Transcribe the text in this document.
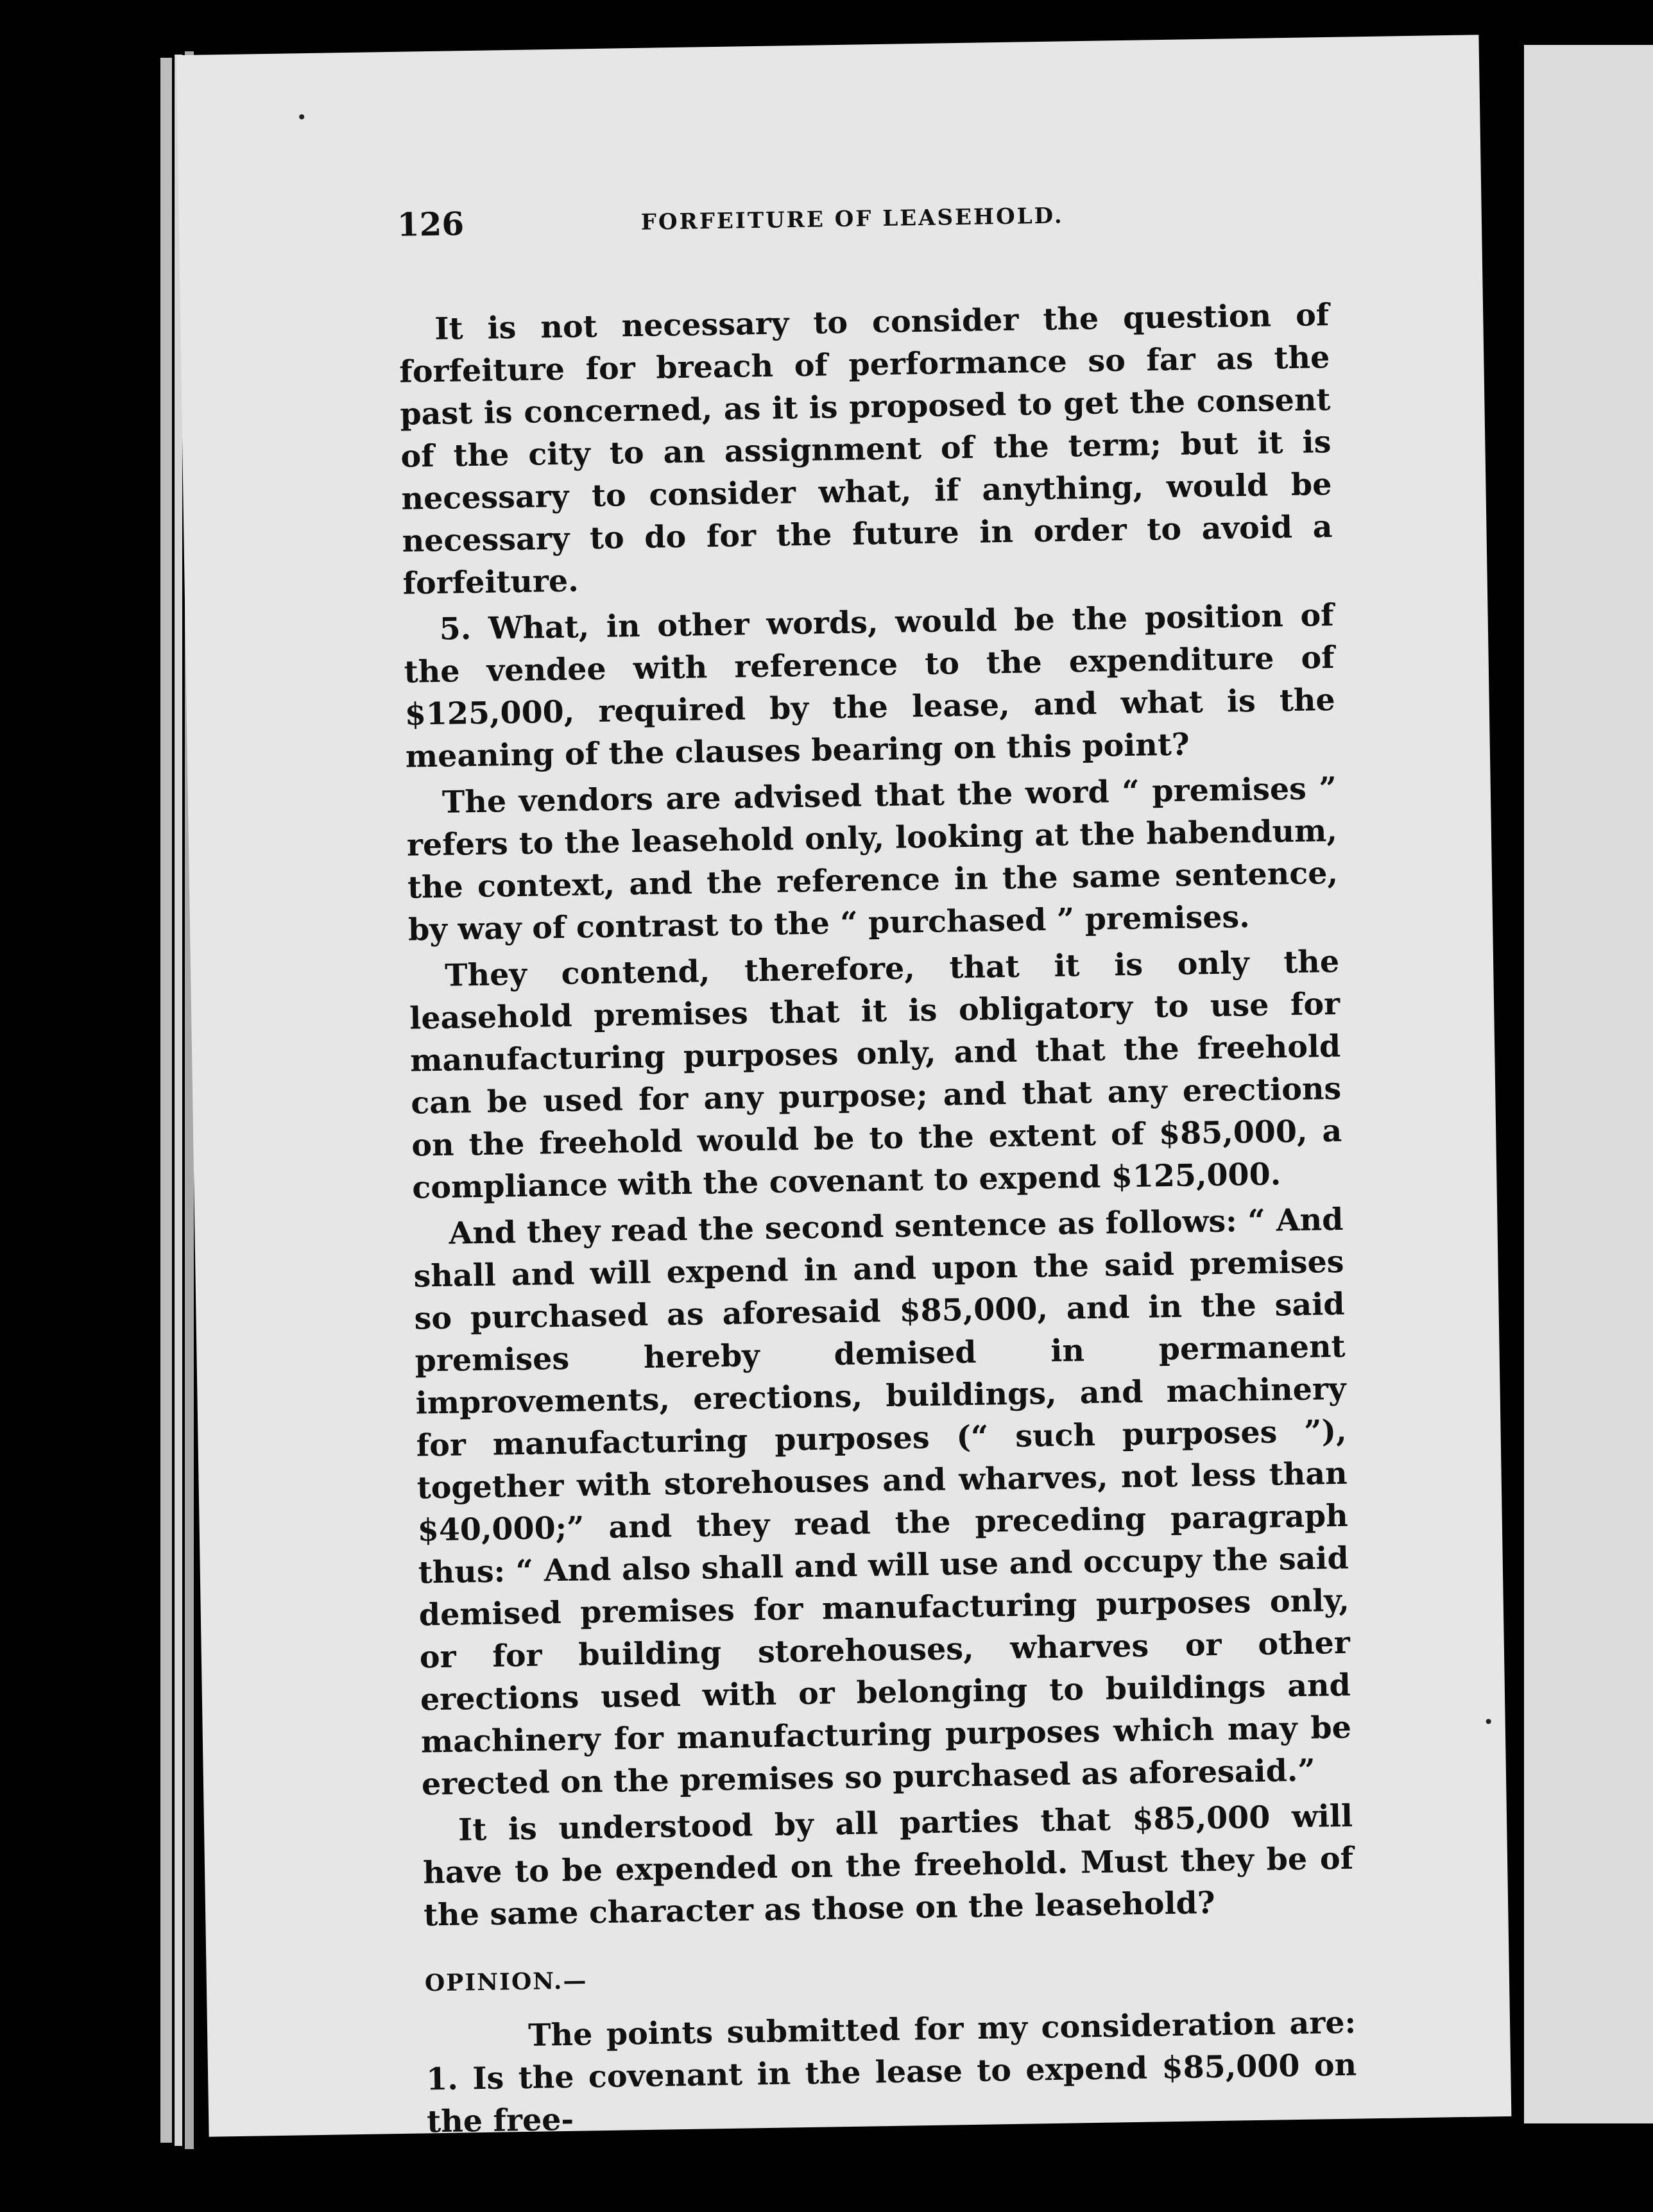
126	FORFEITURE OF LEASEHOLD.

It is not necessary to consider the question of forfeiture for breach of performance so far as the past is concerned, as it is proposed to get the consent of the city to an assignment of the term; but it is necessary to consider what, if anything, would be necessary to do for the future in order to avoid a forfeiture.

5. What, in other words, would be the position of the vendee with reference to the expenditure of $125,000, required by the lease, and what is the meaning of the clauses bearing on this point?

The vendors are advised that the word “ premises ” refers to the leasehold only, looking at the habendum, the context, and the reference in the same sentence, by way of contrast to the “ purchased ” premises.

They contend, therefore, that it is only the leasehold premises that it is obligatory to use for manufacturing purposes only, and that the freehold can be used for any purpose; and that any erections on the freehold would be to the extent of $85,000, a compliance with the covenant to expend $125,000.

And they read the second sentence as follows: “ And shall and will expend in and upon the said premises so purchased as aforesaid $85,000, and in the said premises hereby demised in permanent improvements, erections, buildings, and machinery for manufacturing purposes (“ such purposes ”), together with storehouses and wharves, not less than $40,000;” and they read the preceding paragraph thus: “ And also shall and will use and occupy the said demised premises for manufacturing purposes only, or for building storehouses, wharves or other erections used with or belonging to buildings and machinery for manufacturing purposes which may be erected on the premises so purchased as aforesaid.”

It is understood by all parties that $85,000 will have to be expended on the freehold. Must they be of the same character as those on the leasehold?

OPINION.—

The points submitted for my consideration are: 1. Is the covenant in the lease to expend $85,000 on the free-
